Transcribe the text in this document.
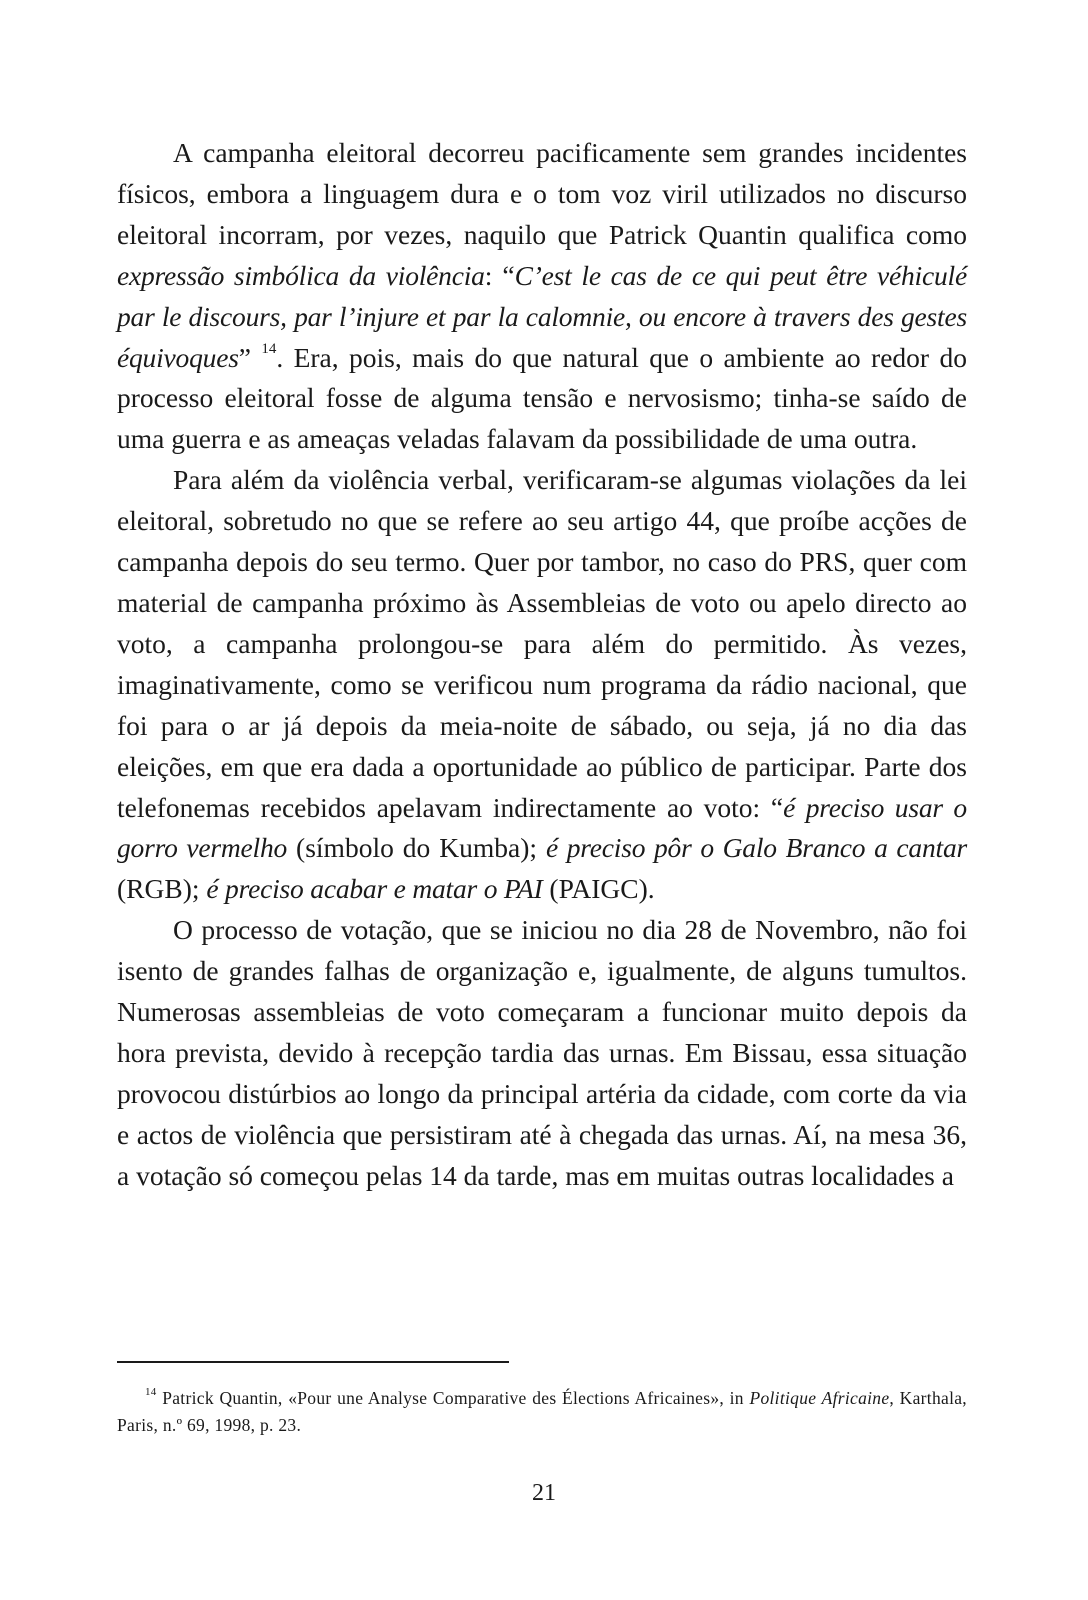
A campanha eleitoral decorreu pacificamente sem grandes incidentes físicos, embora a linguagem dura e o tom voz viril utilizados no discurso eleitoral incorram, por vezes, naquilo que Patrick Quantin qualifica como expressão simbólica da violência: “C’est le cas de ce qui peut être véhiculé par le discours, par l’injure et par la calomnie, ou encore à travers des gestes équivoques” $^{14}$. Era, pois, mais do que natural que o ambiente ao redor do processo eleitoral fosse de alguma tensão e nervosismo; tinha-se saído de uma guerra e as ameaças veladas falavam da possibilidade de uma outra.

Para além da violência verbal, verificaram-se algumas violações da lei eleitoral, sobretudo no que se refere ao seu artigo 44, que proíbe acções de campanha depois do seu termo. Quer por tambor, no caso do PRS, quer com material de campanha próximo às Assembleias de voto ou apelo directo ao voto, a campanha prolongou-se para além do permitido. Às vezes, imaginativamente, como se verificou num programa da rádio nacional, que foi para o ar já depois da meia-noite de sábado, ou seja, já no dia das eleições, em que era dada a oportunidade ao público de participar. Parte dos telefonemas recebidos apelavam indirectamente ao voto: “é preciso usar o gorro vermelho (símbolo do Kumba); é preciso pôr o Galo Branco a cantar (RGB); é preciso acabar e matar o PAI (PAIGC).

O processo de votação, que se iniciou no dia 28 de Novembro, não foi isento de grandes falhas de organização e, igualmente, de alguns tumultos. Numerosas assembleias de voto começaram a funcionar muito depois da hora prevista, devido à recepção tardia das urnas. Em Bissau, essa situação provocou distúrbios ao longo da principal artéria da cidade, com corte da via e actos de violência que persistiram até à chegada das urnas. Aí, na mesa 36, a votação só começou pelas 14 da tarde, mas em muitas outras localidades a

$^{14}$ Patrick Quantin, «Pour une Analyse Comparative des Élections Africaines», in Politique Africaine, Karthala, Paris, n.º 69, 1998, p. 23.
21
